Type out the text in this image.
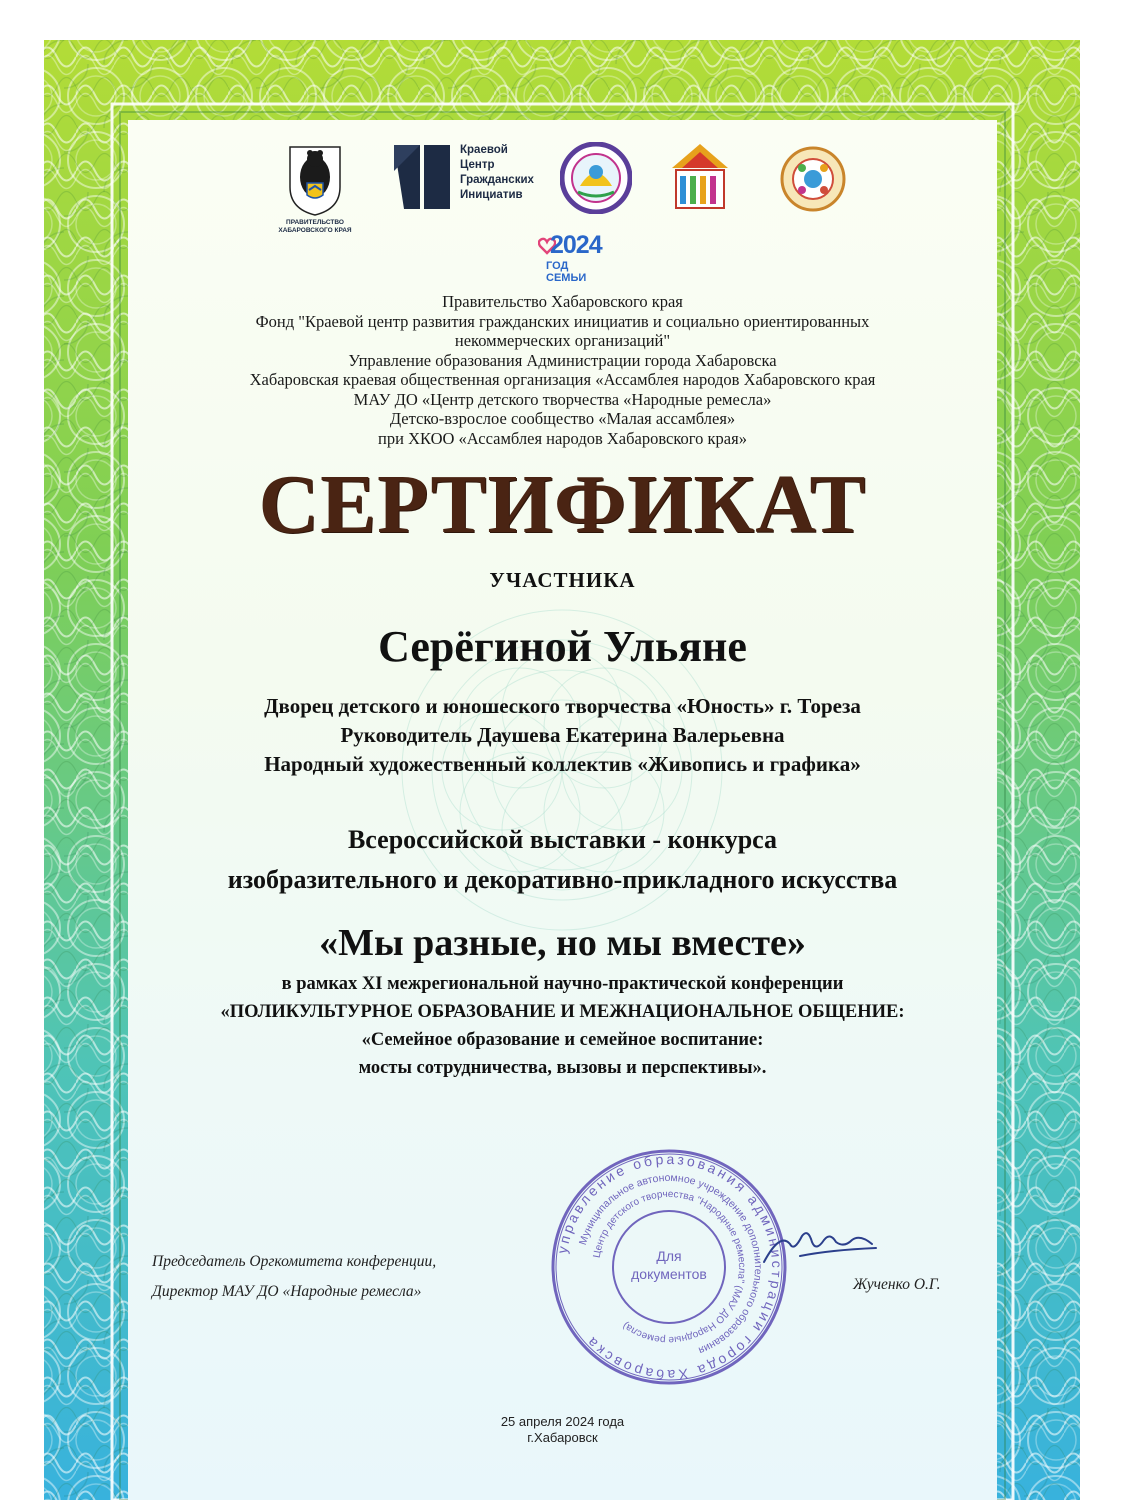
ПРАВИТЕЛЬСТВО
ХАБАРОВСКОГО КРАЯ
Краевой
Центр
Гражданских
Инициатив
2024
ГОД СЕМЬИ
Правительство Хабаровского края
Фонд "Краевой центр развития гражданских инициатив и социально ориентированных
некоммерческих организаций"
Управление образования Администрации города Хабаровска
Хабаровская краевая общественная организация «Ассамблея народов Хабаровского края
МАУ ДО «Центр детского творчества «Народные ремесла»
Детско-взрослое сообщество «Малая ассамблея»
при ХКОО «Ассамблея народов Хабаровского края»
СЕРТИФИКАТ
УЧАСТНИКА
Серёгиной Ульяне
Дворец детского и юношеского творчества «Юность» г. Тореза
Руководитель Даушева Екатерина Валерьевна
Народный художественный коллектив «Живопись и графика»
Всероссийской выставки - конкурса
изобразительного и декоративно-прикладного искусства
«Мы разные, но мы вместе»
в рамках XI межрегиональной научно-практической конференции
«ПОЛИКУЛЬТУРНОЕ ОБРАЗОВАНИЕ И МЕЖНАЦИОНАЛЬНОЕ ОБЩЕНИЕ:
«Семейное образование и семейное воспитание:
мосты сотрудничества, вызовы и перспективы».
Председатель Оргкомитета конференции,
Директор МАУ ДО «Народные ремесла»	Жученко О.Г.
управление образования администрации города Хабаровска
Муниципальное автономное учреждение дополнительного образования
Центр детского творчества "Народные ремесла" (МАУ ДО Народные ремесла)
Для
документов
25 апреля 2024 года
г.Хабаровск
